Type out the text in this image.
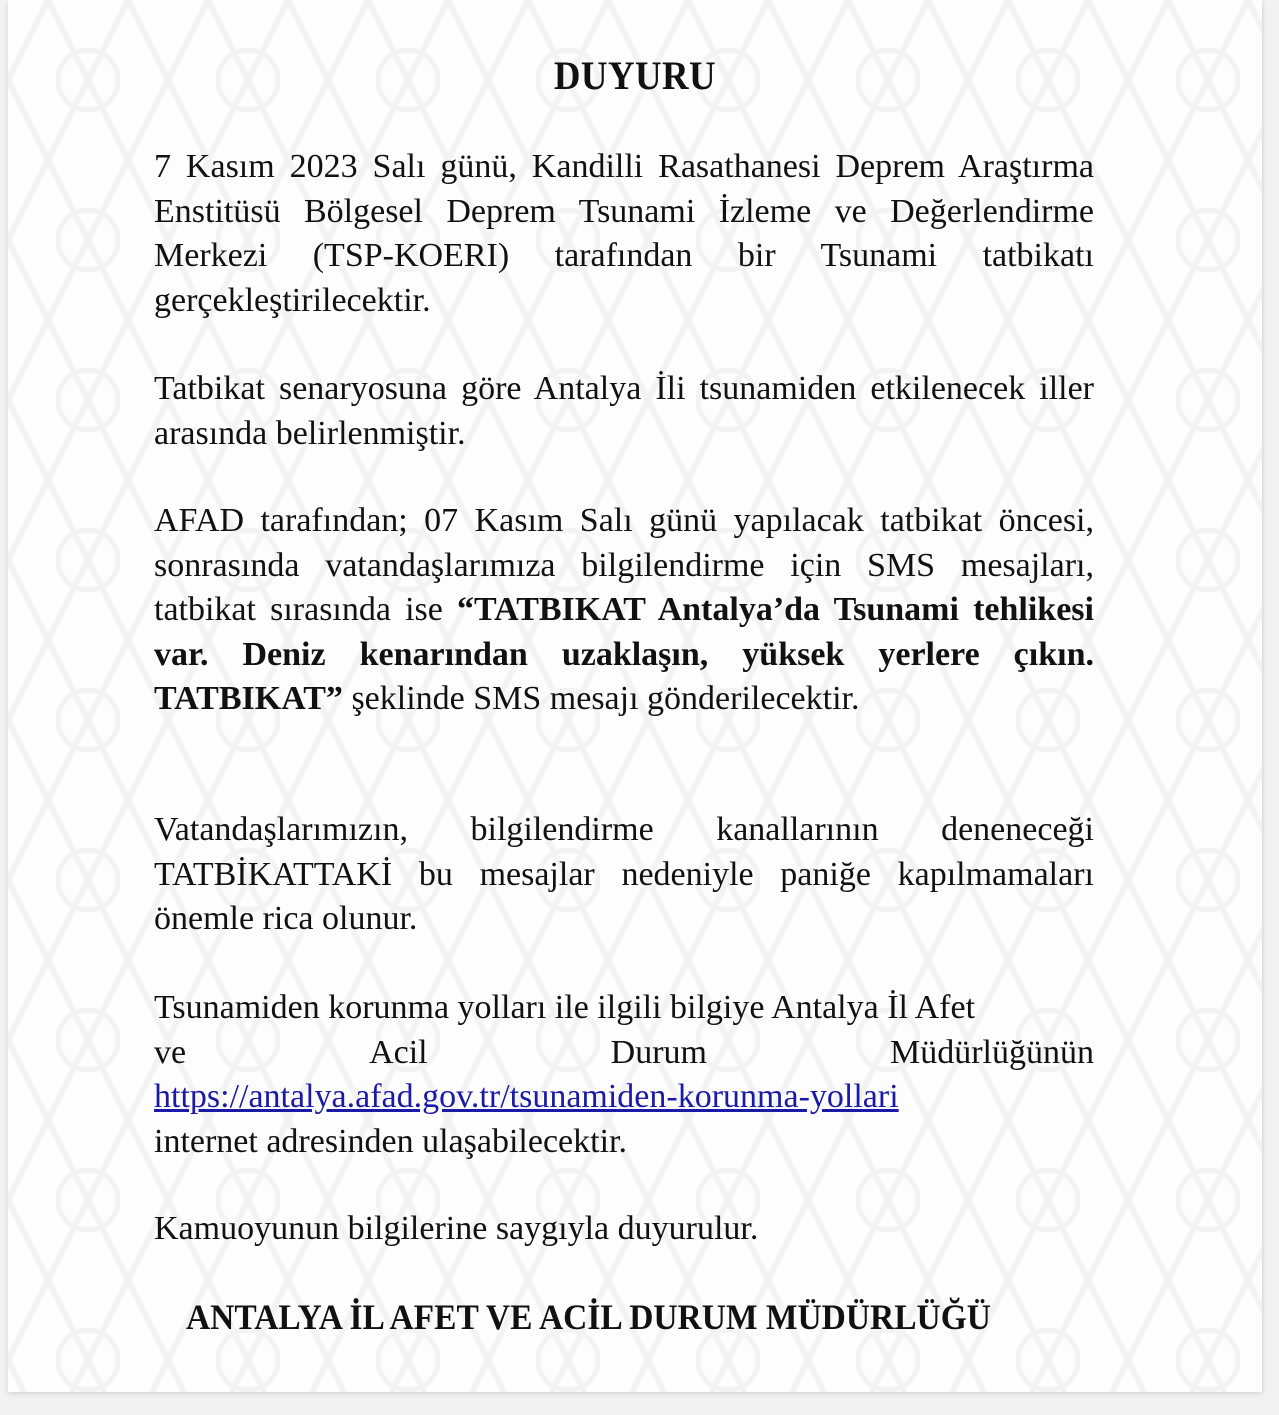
DUYURU

7 Kasım 2023 Salı günü, Kandilli Rasathanesi Deprem Araştırma Enstitüsü Bölgesel Deprem Tsunami İzleme ve Değerlendirme Merkezi (TSP-KOERI) tarafından bir Tsunami tatbikatı gerçekleştirilecektir.

Tatbikat senaryosuna göre Antalya İli tsunamiden etkilenecek iller arasında belirlenmiştir.

AFAD tarafından; 07 Kasım Salı günü yapılacak tatbikat öncesi, sonrasında vatandaşlarımıza bilgilendirme için SMS mesajları, tatbikat sırasında ise “TATBIKAT Antalya’da Tsunami tehlikesi var. Deniz kenarından uzaklaşın, yüksek yerlere çıkın. TATBIKAT” şeklinde SMS mesajı gönderilecektir.

Vatandaşlarımızın, bilgilendirme kanallarının deneneceği TATBİKATTAKİ bu mesajlar nedeniyle paniğe kapılmamaları önemle rica olunur.

Tsunamiden korunma yolları ile ilgili bilgiye Antalya İl Afet

ve	Acil	Durum	Müdürlüğünün

https://antalya.afad.gov.tr/tsunamiden-korunma-yollari

internet adresinden ulaşabilecektir.

Kamuoyunun bilgilerine saygıyla duyurulur.

ANTALYA İL AFET VE ACİL DURUM MÜDÜRLÜĞÜ
